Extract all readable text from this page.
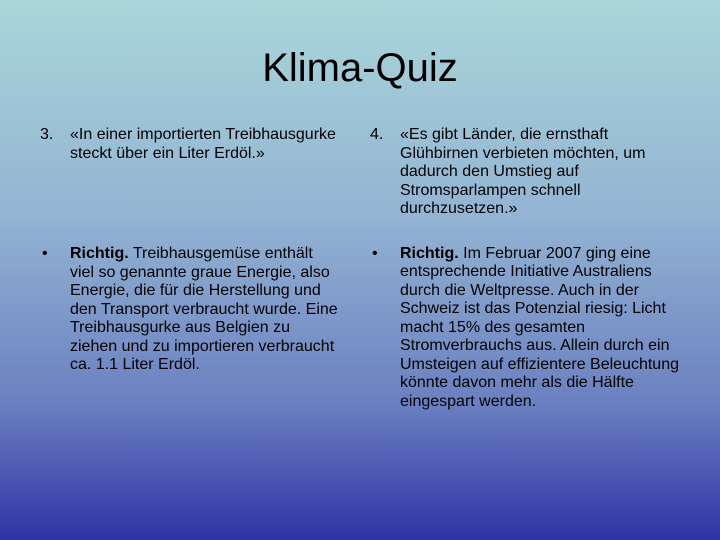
Klima-Quiz
3. «In einer importierten Treibhausgurke steckt über ein Liter Erdöl.»
• Richtig. Treibhausgemüse enthält viel so genannte graue Energie, also Energie, die für die Herstellung und den Transport verbraucht wurde. Eine Treibhausgurke aus Belgien zu ziehen und zu importieren verbraucht ca. 1.1 Liter Erdöl.
4. «Es gibt Länder, die ernsthaft Glühbirnen verbieten möchten, um dadurch den Umstieg auf Stromsparlampen schnell durchzusetzen.»
• Richtig. Im Februar 2007 ging eine entsprechende Initiative Australiens durch die Weltpresse. Auch in der Schweiz ist das Potenzial riesig: Licht macht 15% des gesamten Stromverbrauchs aus. Allein durch ein Umsteigen auf effizientere Beleuchtung könnte davon mehr als die Hälfte eingespart werden.
